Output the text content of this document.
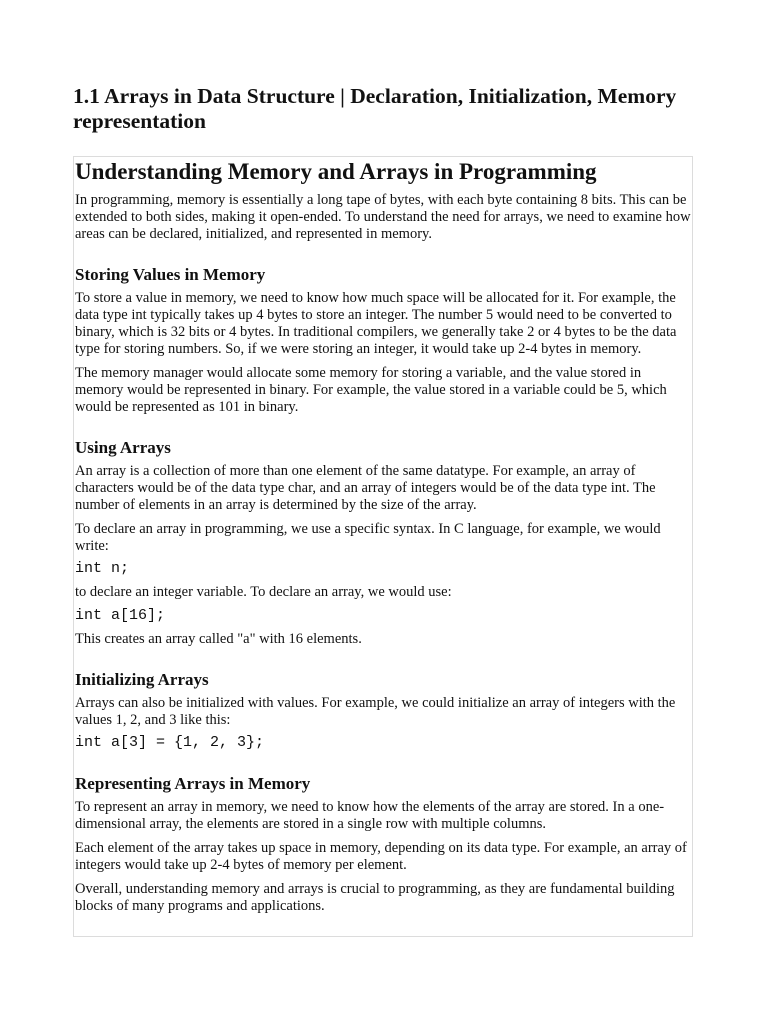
1.1 Arrays in Data Structure | Declaration, Initialization, Memory representation
Understanding Memory and Arrays in Programming

In programming, memory is essentially a long tape of bytes, with each byte containing 8 bits. This can be extended to both sides, making it open-ended. To understand the need for arrays, we need to examine how areas can be declared, initialized, and represented in memory.

Storing Values in Memory

To store a value in memory, we need to know how much space will be allocated for it. For example, the data type int typically takes up 4 bytes to store an integer. The number 5 would need to be converted to binary, which is 32 bits or 4 bytes. In traditional compilers, we generally take 2 or 4 bytes to be the data type for storing numbers. So, if we were storing an integer, it would take up 2-4 bytes in memory.

The memory manager would allocate some memory for storing a variable, and the value stored in memory would be represented in binary. For example, the value stored in a variable could be 5, which would be represented as 101 in binary.

Using Arrays

An array is a collection of more than one element of the same datatype. For example, an array of characters would be of the data type char, and an array of integers would be of the data type int. The number of elements in an array is determined by the size of the array.

To declare an array in programming, we use a specific syntax. In C language, for example, we would write:

int n;

to declare an integer variable. To declare an array, we would use:

int a[16];

This creates an array called "a" with 16 elements.

Initializing Arrays

Arrays can also be initialized with values. For example, we could initialize an array of integers with the values 1, 2, and 3 like this:

int a[3] = {1, 2, 3};
Representing Arrays in Memory

To represent an array in memory, we need to know how the elements of the array are stored. In a one-dimensional array, the elements are stored in a single row with multiple columns.

Each element of the array takes up space in memory, depending on its data type. For example, an array of integers would take up 2-4 bytes of memory per element.

Overall, understanding memory and arrays is crucial to programming, as they are fundamental building blocks of many programs and applications.
